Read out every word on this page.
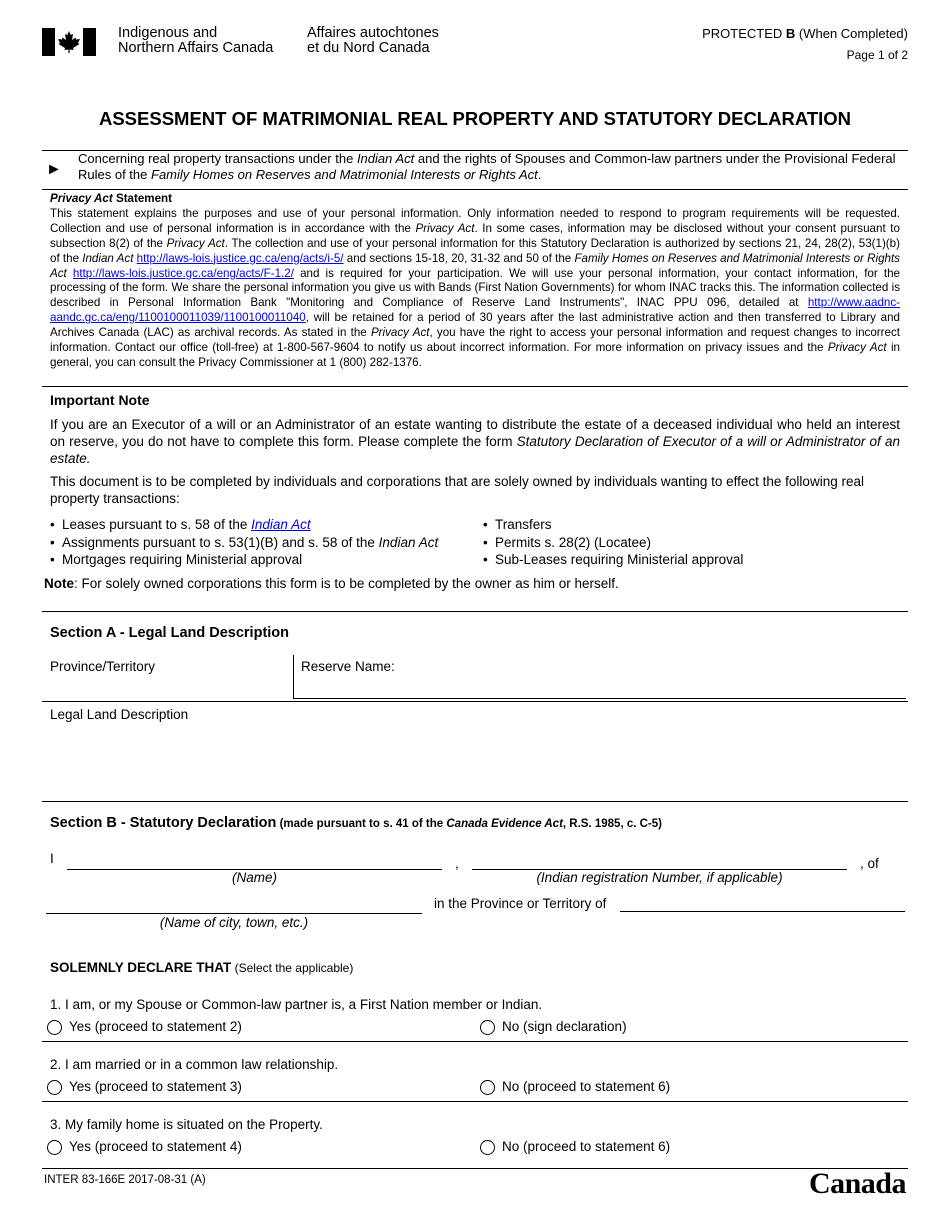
Indigenous and
Northern Affairs Canada
Affaires autochtones
et du Nord Canada
PROTECTED B (When Completed)
Page 1 of 2
ASSESSMENT OF MATRIMONIAL REAL PROPERTY AND STATUTORY DECLARATION
►
Concerning real property transactions under the Indian Act and the rights of Spouses and Common-law partners under the Provisional Federal Rules of the Family Homes on Reserves and Matrimonial Interests or Rights Act.
Privacy Act Statement
This statement explains the purposes and use of your personal information. Only information needed to respond to program requirements will be requested. Collection and use of personal information is in accordance with the Privacy Act. In some cases, information may be disclosed without your consent pursuant to subsection 8(2) of the Privacy Act. The collection and use of your personal information for this Statutory Declaration is authorized by sections 21, 24, 28(2), 53(1)(b) of the Indian Act http://laws-lois.justice.gc.ca/eng/acts/i-5/ and sections 15-18, 20, 31-32 and 50 of the Family Homes on Reserves and Matrimonial Interests or Rights Act http://laws-lois.justice.gc.ca/eng/acts/F-1.2/ and is required for your participation. We will use your personal information, your contact information, for the processing of the form. We share the personal information you give us with Bands (First Nation Governments) for whom INAC tracks this. The information collected is described in Personal Information Bank "Monitoring and Compliance of Reserve Land Instruments", INAC PPU 096, detailed at http://www.aadnc-aandc.gc.ca/eng/1100100011039/1100100011040, will be retained for a period of 30 years after the last administrative action and then transferred to Library and Archives Canada (LAC) as archival records. As stated in the Privacy Act, you have the right to access your personal information and request changes to incorrect information. Contact our office (toll-free) at 1-800-567-9604 to notify us about incorrect information. For more information on privacy issues and the Privacy Act in general, you can consult the Privacy Commissioner at 1 (800) 282-1376.
Important Note
If you are an Executor of a will or an Administrator of an estate wanting to distribute the estate of a deceased individual who held an interest on reserve, you do not have to complete this form. Please complete the form Statutory Declaration of Executor of a will or Administrator of an estate.
This document is to be completed by individuals and corporations that are solely owned by individuals wanting to effect the following real property transactions:
• Leases pursuant to s. 58 of the Indian Act
• Assignments pursuant to s. 53(1)(B) and s. 58 of the Indian Act
• Mortgages requiring Ministerial approval
• Transfers
• Permits s. 28(2) (Locatee)
• Sub-Leases requiring Ministerial approval
Note: For solely owned corporations this form is to be completed by the owner as him or herself.
Section A - Legal Land Description
Province/Territory	Reserve Name:
Legal Land Description
Section B - Statutory Declaration (made pursuant to s. 41 of the Canada Evidence Act, R.S. 1985, c. C-5)
I
(Name)
,
(Indian registration Number, if applicable)
, of
(Name of city, town, etc.)
in the Province or Territory of
SOLEMNLY DECLARE THAT (Select the applicable)
1. I am, or my Spouse or Common-law partner is, a First Nation member or Indian.
Yes (proceed to statement 2)	No (sign declaration)
2. I am married or in a common law relationship.
Yes (proceed to statement 3)	No (proceed to statement 6)
3. My family home is situated on the Property.
Yes (proceed to statement 4)	No (proceed to statement 6)
INTER 83-166E 2017-08-31 (A)	Canada
